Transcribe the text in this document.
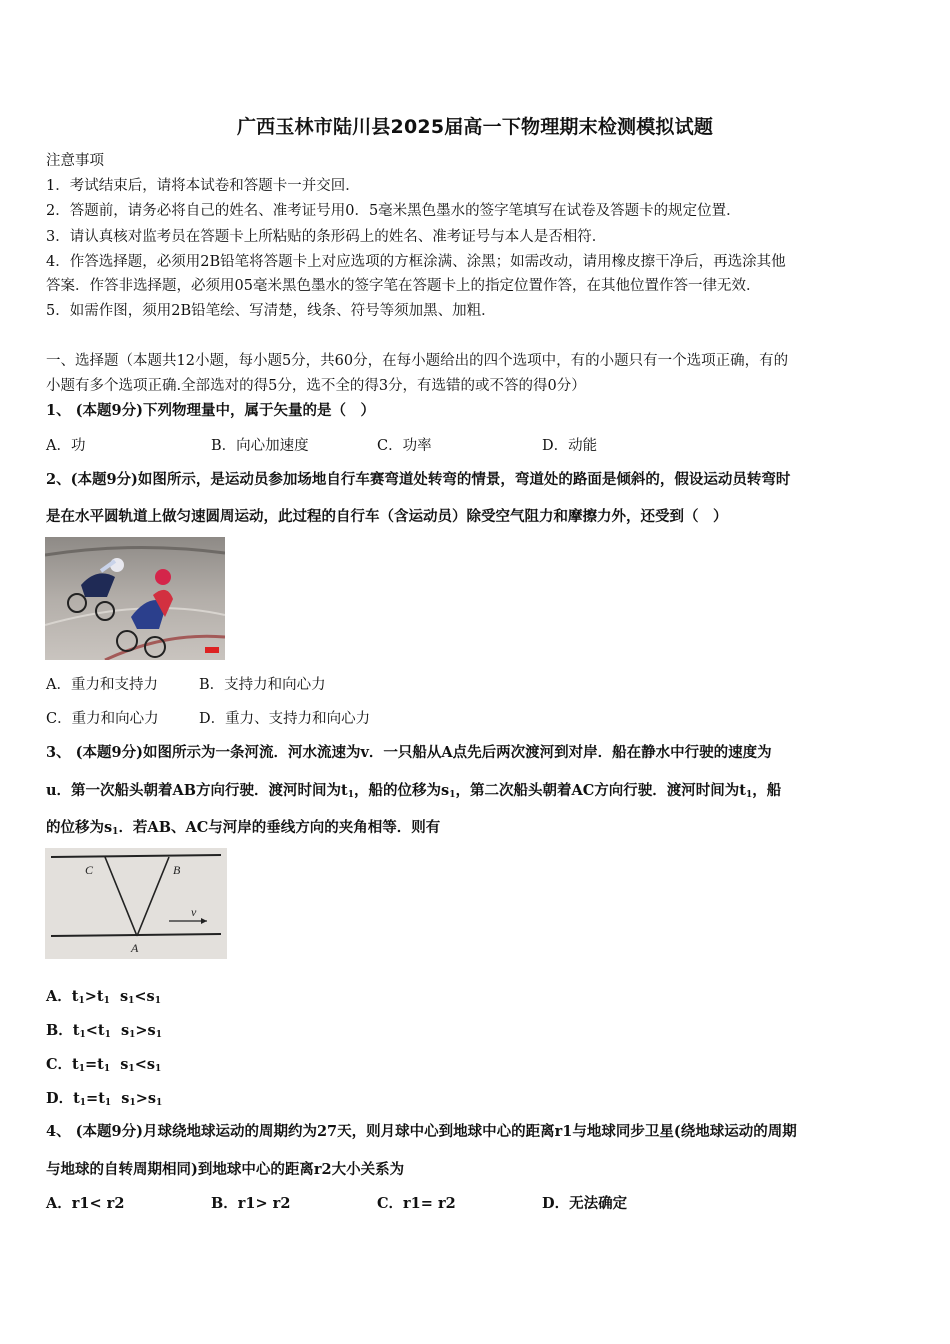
广西玉林市陆川县2025届高一下物理期末检测模拟试题
注意事项
1．考试结束后，请将本试卷和答题卡一并交回．
2．答题前，请务必将自己的姓名、准考证号用0．5毫米黑色墨水的签字笔填写在试卷及答题卡的规定位置．
3．请认真核对监考员在答题卡上所粘贴的条形码上的姓名、准考证号与本人是否相符．
4．作答选择题，必须用2B铅笔将答题卡上对应选项的方框涂满、涂黑；如需改动，请用橡皮擦干净后，再选涂其他
答案．作答非选择题，必须用05毫米黑色墨水的签字笔在答题卡上的指定位置作答，在其他位置作答一律无效．
5．如需作图，须用2B铅笔绘、写清楚，线条、符号等须加黑、加粗．
一、选择题（本题共12小题，每小题5分，共60分，在每小题给出的四个选项中，有的小题只有一个选项正确，有的
小题有多个选项正确.全部选对的得5分，选不全的得3分，有选错的或不答的得0分）
1、 (本题9分)下列物理量中，属于矢量的是（　）
A．功	B．向心加速度	C．功率	D．动能
2、(本题9分)如图所示，是运动员参加场地自行车赛弯道处转弯的情景，弯道处的路面是倾斜的，假设运动员转弯时
是在水平圆轨道上做匀速圆周运动，此过程的自行车（含运动员）除受空气阻力和摩擦力外，还受到（　）
A．重力和支持力	B．支持力和向心力
C．重力和向心力	D．重力、支持力和向心力
3、 (本题9分)如图所示为一条河流．河水流速为v．一只船从A点先后两次渡河到对岸．船在静水中行驶的速度为
u．第一次船头朝着AB方向行驶．渡河时间为$t_1$，船的位移为$s_1$，第二次船头朝着AC方向行驶．渡河时间为$t_1$，船
的位移为$s_1$．若AB、AC与河岸的垂线方向的夹角相等．则有
C	B
A
v
A．$t_1>t_1$ $s_1<s_1$
B．$t_1<t_1$ $s_1>s_1$
C．$t_1=t_1$ $s_1<s_1$
D．$t_1=t_1$ $s_1>s_1$
4、 (本题9分)月球绕地球运动的周期约为27天，则月球中心到地球中心的距离r1与地球同步卫星(绕地球运动的周期
与地球的自转周期相同)到地球中心的距离r2大小关系为
A．r1< r2	B．r1> r2	C．r1= r2	D．无法确定
